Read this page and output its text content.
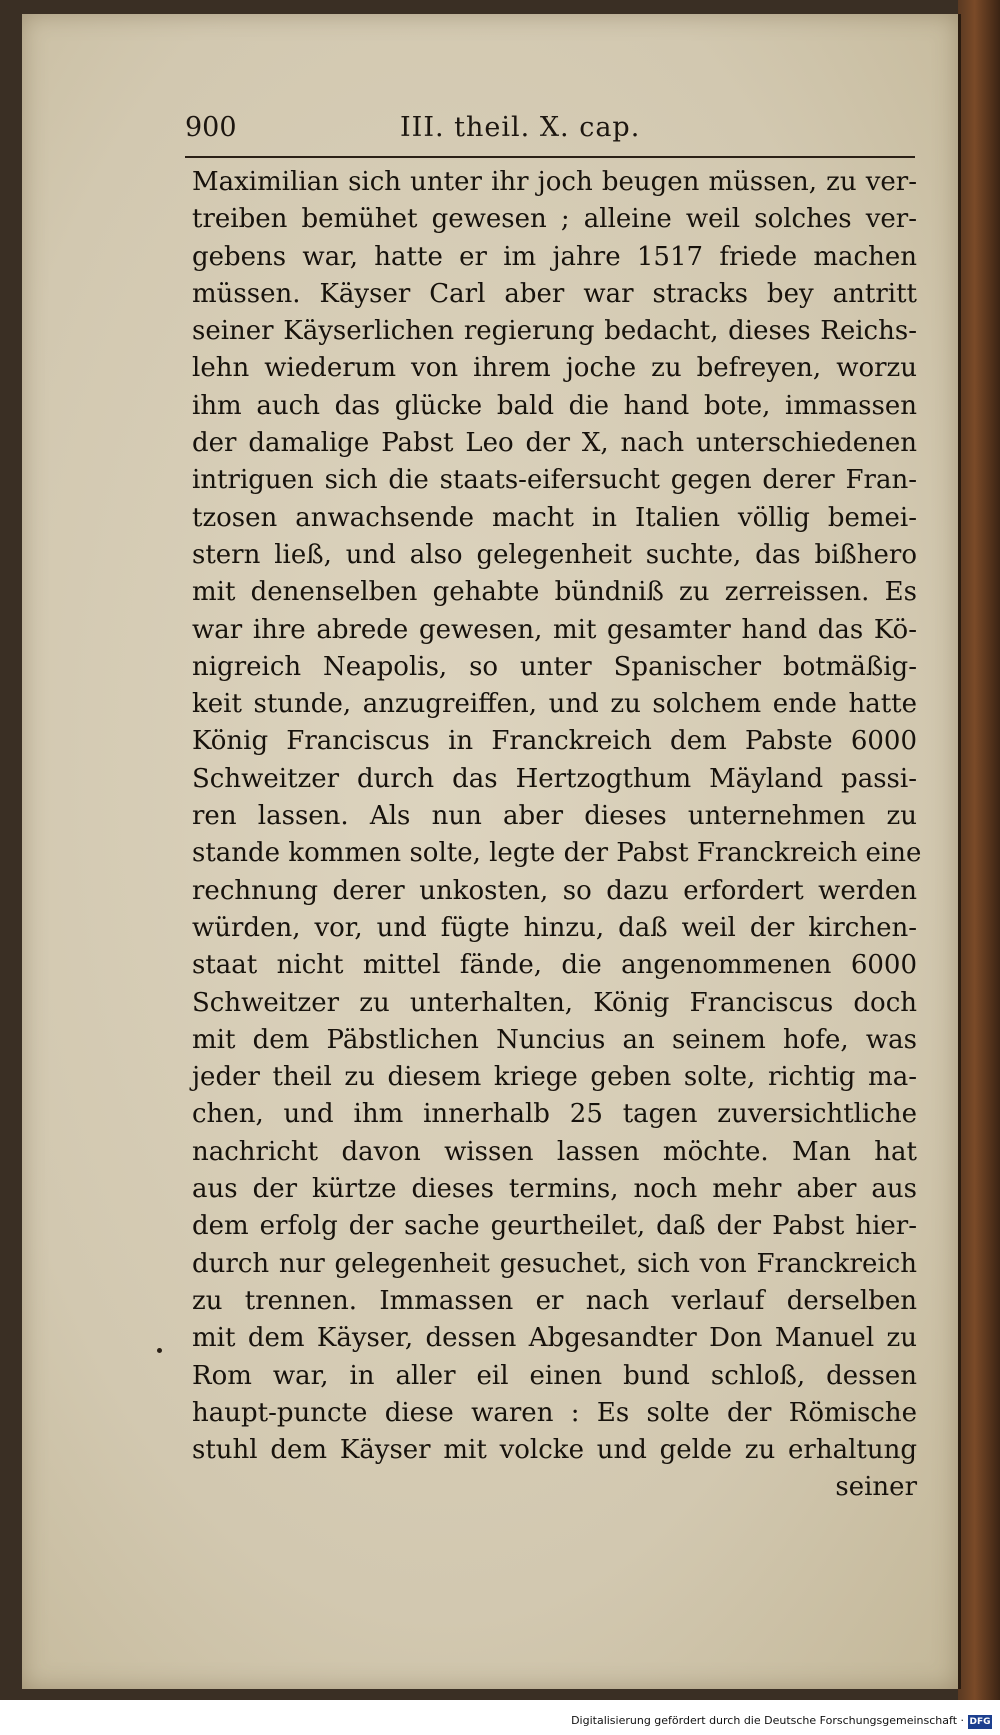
900	III. theil. X. cap.
Maximilian sich unter ihr joch beugen müssen, zu ver-
treiben bemühet gewesen ; alleine weil solches ver-
gebens war, hatte er im jahre 1517 friede machen
müssen. Käyser Carl aber war stracks bey antritt
seiner Käyserlichen regierung bedacht, dieses Reichs-
lehn wiederum von ihrem joche zu befreyen, worzu
ihm auch das glücke bald die hand bote, immassen
der damalige Pabst Leo der X, nach unterschiedenen
intriguen sich die staats-eifersucht gegen derer Fran-
tzosen anwachsende macht in Italien völlig bemei-
stern ließ, und also gelegenheit suchte, das bißhero
mit denenselben gehabte bündniß zu zerreissen. Es
war ihre abrede gewesen, mit gesamter hand das Kö-
nigreich Neapolis, so unter Spanischer botmäßig-
keit stunde, anzugreiffen, und zu solchem ende hatte
König Franciscus in Franckreich dem Pabste 6000
Schweitzer durch das Hertzogthum Mäyland passi-
ren lassen. Als nun aber dieses unternehmen zu
stande kommen solte, legte der Pabst Franckreich eine
rechnung derer unkosten, so dazu erfordert werden
würden, vor, und fügte hinzu, daß weil der kirchen-
staat nicht mittel fände, die angenommenen 6000
Schweitzer zu unterhalten, König Franciscus doch
mit dem Päbstlichen Nuncius an seinem hofe, was
jeder theil zu diesem kriege geben solte, richtig ma-
chen, und ihm innerhalb 25 tagen zuversichtliche
nachricht davon wissen lassen möchte. Man hat
aus der kürtze dieses termins, noch mehr aber aus
dem erfolg der sache geurtheilet, daß der Pabst hier-
durch nur gelegenheit gesuchet, sich von Franckreich
zu trennen. Immassen er nach verlauf derselben
mit dem Käyser, dessen Abgesandter Don Manuel zu
Rom war, in aller eil einen bund schloß, dessen
haupt-puncte diese waren : Es solte der Römische
stuhl dem Käyser mit volcke und gelde zu erhaltung
seiner
Digitalisierung gefördert durch die Deutsche Forschungsgemeinschaft · DFG
